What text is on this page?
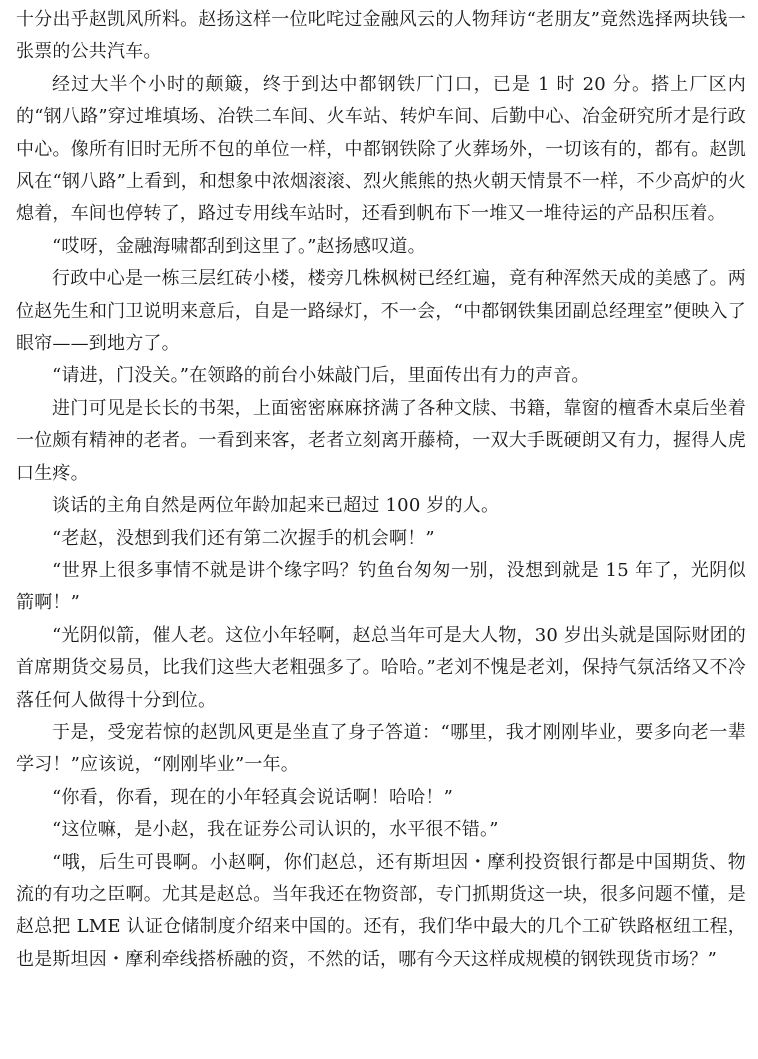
十分出乎赵凯风所料。赵扬这样一位叱咤过金融风云的人物拜访“老朋友”竟然选择两块钱一张票的公共汽车。

经过大半个小时的颠簸，终于到达中都钢铁厂门口，已是 1 时 20 分。搭上厂区内的“钢八路”穿过堆填场、冶铁二车间、火车站、转炉车间、后勤中心、冶金研究所才是行政中心。像所有旧时无所不包的单位一样，中都钢铁除了火葬场外，一切该有的，都有。赵凯风在“钢八路”上看到，和想象中浓烟滚滚、烈火熊熊的热火朝天情景不一样，不少高炉的火熄着，车间也停转了，路过专用线车站时，还看到帆布下一堆又一堆待运的产品积压着。

“哎呀，金融海啸都刮到这里了。”赵扬感叹道。

行政中心是一栋三层红砖小楼，楼旁几株枫树已经红遍，竟有种浑然天成的美感了。两位赵先生和门卫说明来意后，自是一路绿灯，不一会，“中都钢铁集团副总经理室”便映入了眼帘——到地方了。

“请进，门没关。”在领路的前台小妹敲门后，里面传出有力的声音。

进门可见是长长的书架，上面密密麻麻挤满了各种文牍、书籍，靠窗的檀香木桌后坐着一位颇有精神的老者。一看到来客，老者立刻离开藤椅，一双大手既硬朗又有力，握得人虎口生疼。

谈话的主角自然是两位年龄加起来已超过 100 岁的人。

“老赵，没想到我们还有第二次握手的机会啊！”

“世界上很多事情不就是讲个缘字吗？钓鱼台匆匆一别，没想到就是 15 年了，光阴似箭啊！”

“光阴似箭，催人老。这位小年轻啊，赵总当年可是大人物，30 岁出头就是国际财团的首席期货交易员，比我们这些大老粗强多了。哈哈。”老刘不愧是老刘，保持气氛活络又不冷落任何人做得十分到位。

于是，受宠若惊的赵凯风更是坐直了身子答道：“哪里，我才刚刚毕业，要多向老一辈学习！”应该说，“刚刚毕业”一年。

“你看，你看，现在的小年轻真会说话啊！哈哈！”

“这位嘛，是小赵，我在证券公司认识的，水平很不错。”

“哦，后生可畏啊。小赵啊，你们赵总，还有斯坦因・摩利投资银行都是中国期货、物流的有功之臣啊。尤其是赵总。当年我还在物资部，专门抓期货这一块，很多问题不懂，是赵总把 LME 认证仓储制度介绍来中国的。还有，我们华中最大的几个工矿铁路枢纽工程，也是斯坦因・摩利牵线搭桥融的资，不然的话，哪有今天这样成规模的钢铁现货市场？”
